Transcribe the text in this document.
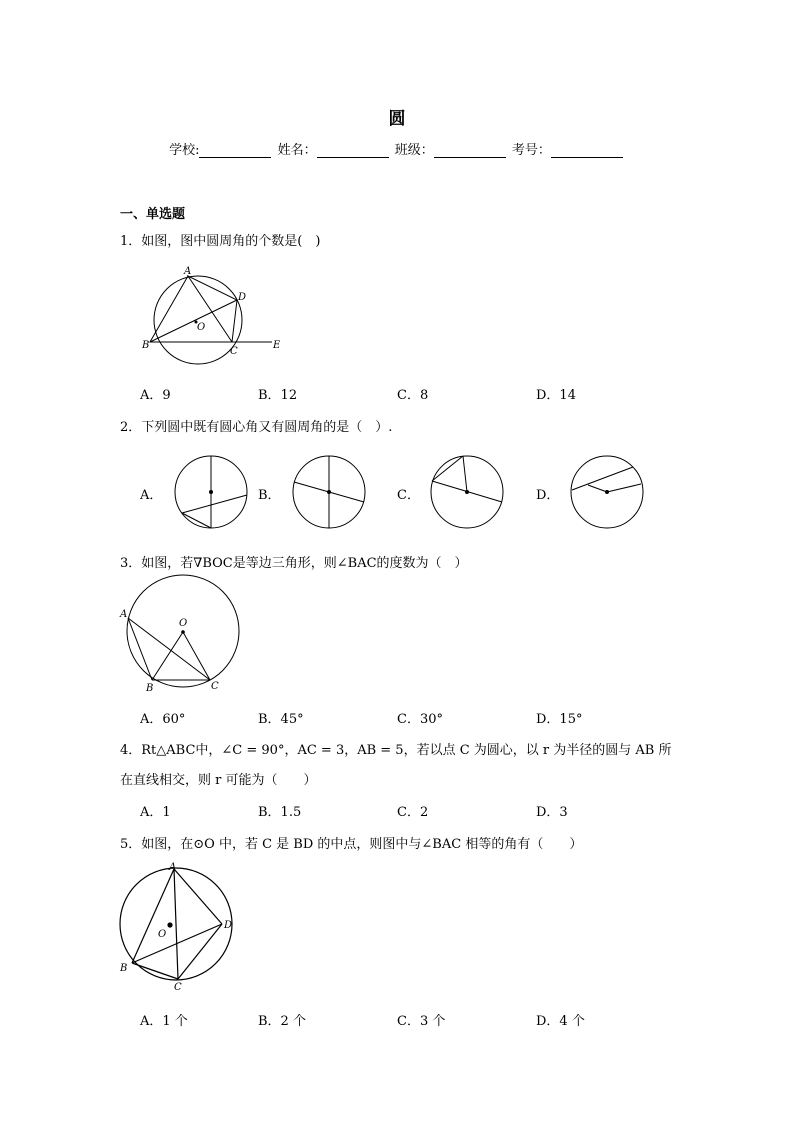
圆
学校:	姓名：	班级：	考号：
一、单选题
1．如图，图中圆周角的个数是(　)
A
D
O
B
C
E
A．9	B．12	C．8	D．14
2．下列圆中既有圆心角又有圆周角的是（　）.
A．	B．	C．	D．
3．如图，若∇BOC是等边三角形，则∠BAC的度数为（　）
A
O
B	C
A．60°	B．45°	C．30°	D．15°
4．Rt△ABC中，∠C = 90°，AC = 3，AB = 5，若以点 C 为圆心，以 r 为半径的圆与 AB 所
在直线相交，则 r 可能为（　　）
A．1	B．1.5	C．2	D．3
5．如图，在⊙O 中，若 C 是 BD 的中点，则图中与∠BAC 相等的角有（　　）
A
O
D
B
C
A．1 个	B．2 个	C．3 个	D．4 个
